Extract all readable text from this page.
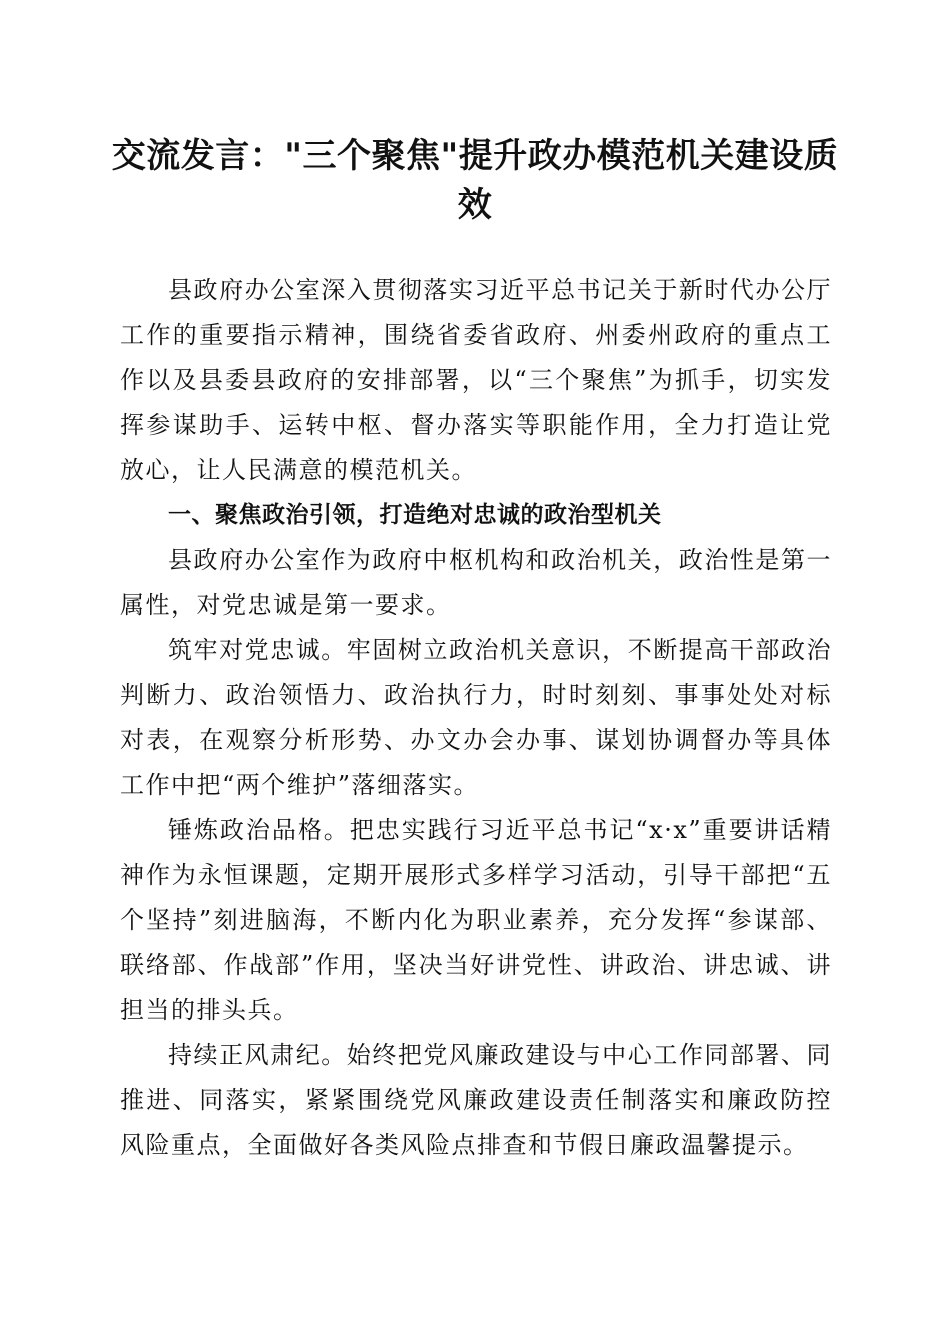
交流发言："三个聚焦"提升政办模范机关建设质效

县政府办公室深入贯彻落实习近平总书记关于新时代办公厅工作的重要指示精神，围绕省委省政府、州委州政府的重点工作以及县委县政府的安排部署，以“三个聚焦”为抓手，切实发挥参谋助手、运转中枢、督办落实等职能作用，全力打造让党放心，让人民满意的模范机关。

一、聚焦政治引领，打造绝对忠诚的政治型机关

县政府办公室作为政府中枢机构和政治机关，政治性是第一属性，对党忠诚是第一要求。

筑牢对党忠诚。牢固树立政治机关意识，不断提高干部政治判断力、政治领悟力、政治执行力，时时刻刻、事事处处对标对表，在观察分析形势、办文办会办事、谋划协调督办等具体工作中把“两个维护”落细落实。

锤炼政治品格。把忠实践行习近平总书记“x·x”重要讲话精神作为永恒课题，定期开展形式多样学习活动，引导干部把“五个坚持”刻进脑海，不断内化为职业素养，充分发挥“参谋部、联络部、作战部”作用，坚决当好讲党性、讲政治、讲忠诚、讲担当的排头兵。

持续正风肃纪。始终把党风廉政建设与中心工作同部署、同推进、同落实，紧紧围绕党风廉政建设责任制落实和廉政防控风险重点，全面做好各类风险点排查和节假日廉政温馨提示。
